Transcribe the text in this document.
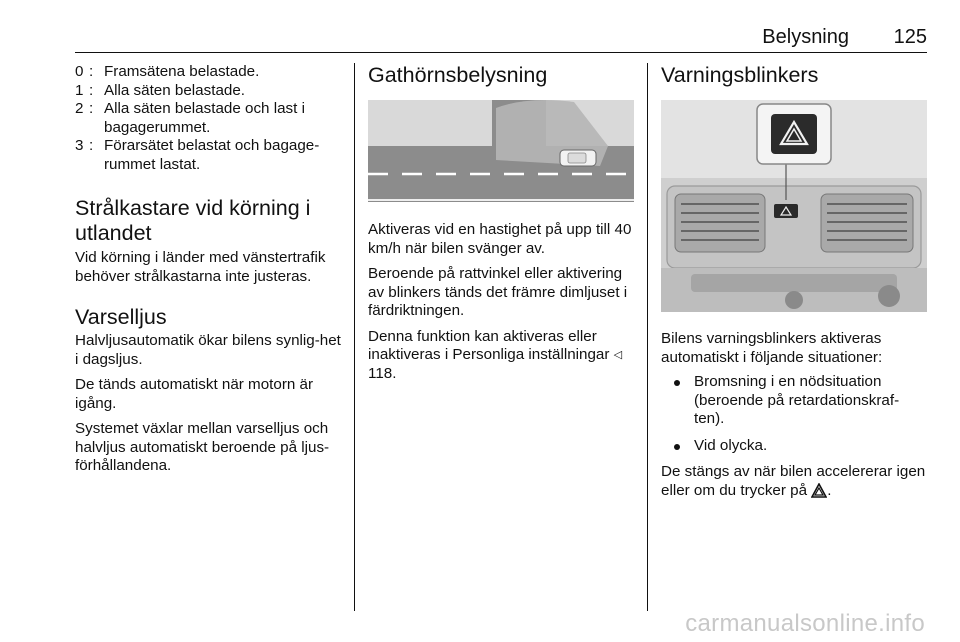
Belysning 125
0 : Framsätena belastade.
1 : Alla säten belastade.
2 : Alla säten belastade och last i bagagerummet.
3 : Förarsätet belastat och bagage-rummet lastat.
Strålkastare vid körning i utlandet

Vid körning i länder med vänstertrafik behöver strålkastarna inte justeras.

Varselljus

Halvljusautomatik ökar bilens synlig-het i dagsljus.

De tänds automatiskt när motorn är igång.

Systemet växlar mellan varselljus och halvljus automatiskt beroende på ljus-förhållandena.

Gathörnsbelysning

Aktiveras vid en hastighet på upp till 40 km/h när bilen svänger av.

Beroende på rattvinkel eller aktivering av blinkers tänds det främre dimljuset i färdriktningen.

Denna funktion kan aktiveras eller inaktiveras i Personliga inställningar ◁ 118.

Varningsblinkers

Bilens varningsblinkers aktiveras automatiskt i följande situationer:

Bromsning i en nödsituation (beroende på retardationskraf-ten).
Vid olycka.

De stängs av när bilen accelererar igen eller om du trycker på .

carmanualsonline.info
